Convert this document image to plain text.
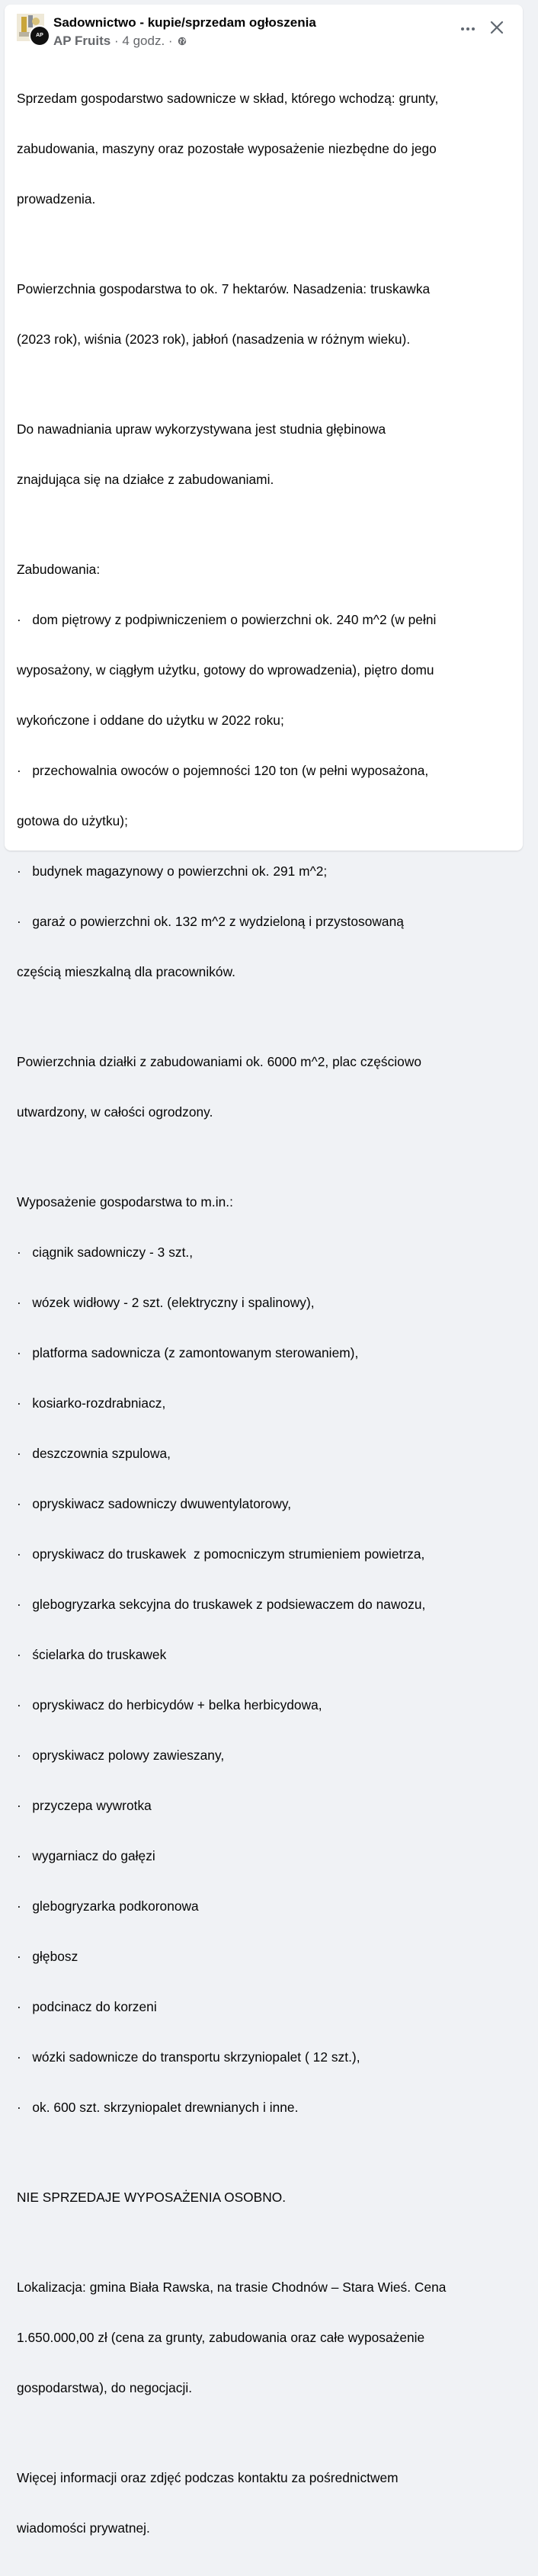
AP
Sadownictwo - kupie/sprzedam ogłoszenia
AP Fruits · 4 godz. ·

Sprzedam gospodarstwo sadownicze w skład, którego wchodzą: grunty,

zabudowania, maszyny oraz pozostałe wyposażenie niezbędne do jego

prowadzenia.

Powierzchnia gospodarstwa to ok. 7 hektarów. Nasadzenia: truskawka

(2023 rok), wiśnia (2023 rok), jabłoń (nasadzenia w różnym wieku).

Do nawadniania upraw wykorzystywana jest studnia głębinowa

znajdująca się na działce z zabudowaniami.

Zabudowania:

·   dom piętrowy z podpiwniczeniem o powierzchni ok. 240 m^2 (w pełni

wyposażony, w ciągłym użytku, gotowy do wprowadzenia), piętro domu

wykończone i oddane do użytku w 2022 roku;

·   przechowalnia owoców o pojemności 120 ton (w pełni wyposażona,

gotowa do użytku);

·   budynek magazynowy o powierzchni ok. 291 m^2;

·   garaż o powierzchni ok. 132 m^2 z wydzieloną i przystosowaną

częścią mieszkalną dla pracowników.

Powierzchnia działki z zabudowaniami ok. 6000 m^2, plac częściowo

utwardzony, w całości ogrodzony.

Wyposażenie gospodarstwa to m.in.:

·   ciągnik sadowniczy - 3 szt.,

·   wózek widłowy - 2 szt. (elektryczny i spalinowy),

·   platforma sadownicza (z zamontowanym sterowaniem),

·   kosiarko-rozdrabniacz,

·   deszczownia szpulowa,

·   opryskiwacz sadowniczy dwuwentylatorowy,

·   opryskiwacz do truskawek  z pomocniczym strumieniem powietrza,

·   glebogryzarka sekcyjna do truskawek z podsiewaczem do nawozu,

·   ścielarka do truskawek

·   opryskiwacz do herbicydów + belka herbicydowa,

·   opryskiwacz polowy zawieszany,

·   przyczepa wywrotka

·   wygarniacz do gałęzi

·   glebogryzarka podkoronowa

·   głębosz

·   podcinacz do korzeni

·   wózki sadownicze do transportu skrzyniopalet ( 12 szt.),

·   ok. 600 szt. skrzyniopalet drewnianych i inne.

NIE SPRZEDAJE WYPOSAŻENIA OSOBNO.

Lokalizacja: gmina Biała Rawska, na trasie Chodnów – Stara Wieś. Cena

1.650.000,00 zł (cena za grunty, zabudowania oraz całe wyposażenie

gospodarstwa), do negocjacji.

Więcej informacji oraz zdjęć podczas kontaktu za pośrednictwem

wiadomości prywatnej.
